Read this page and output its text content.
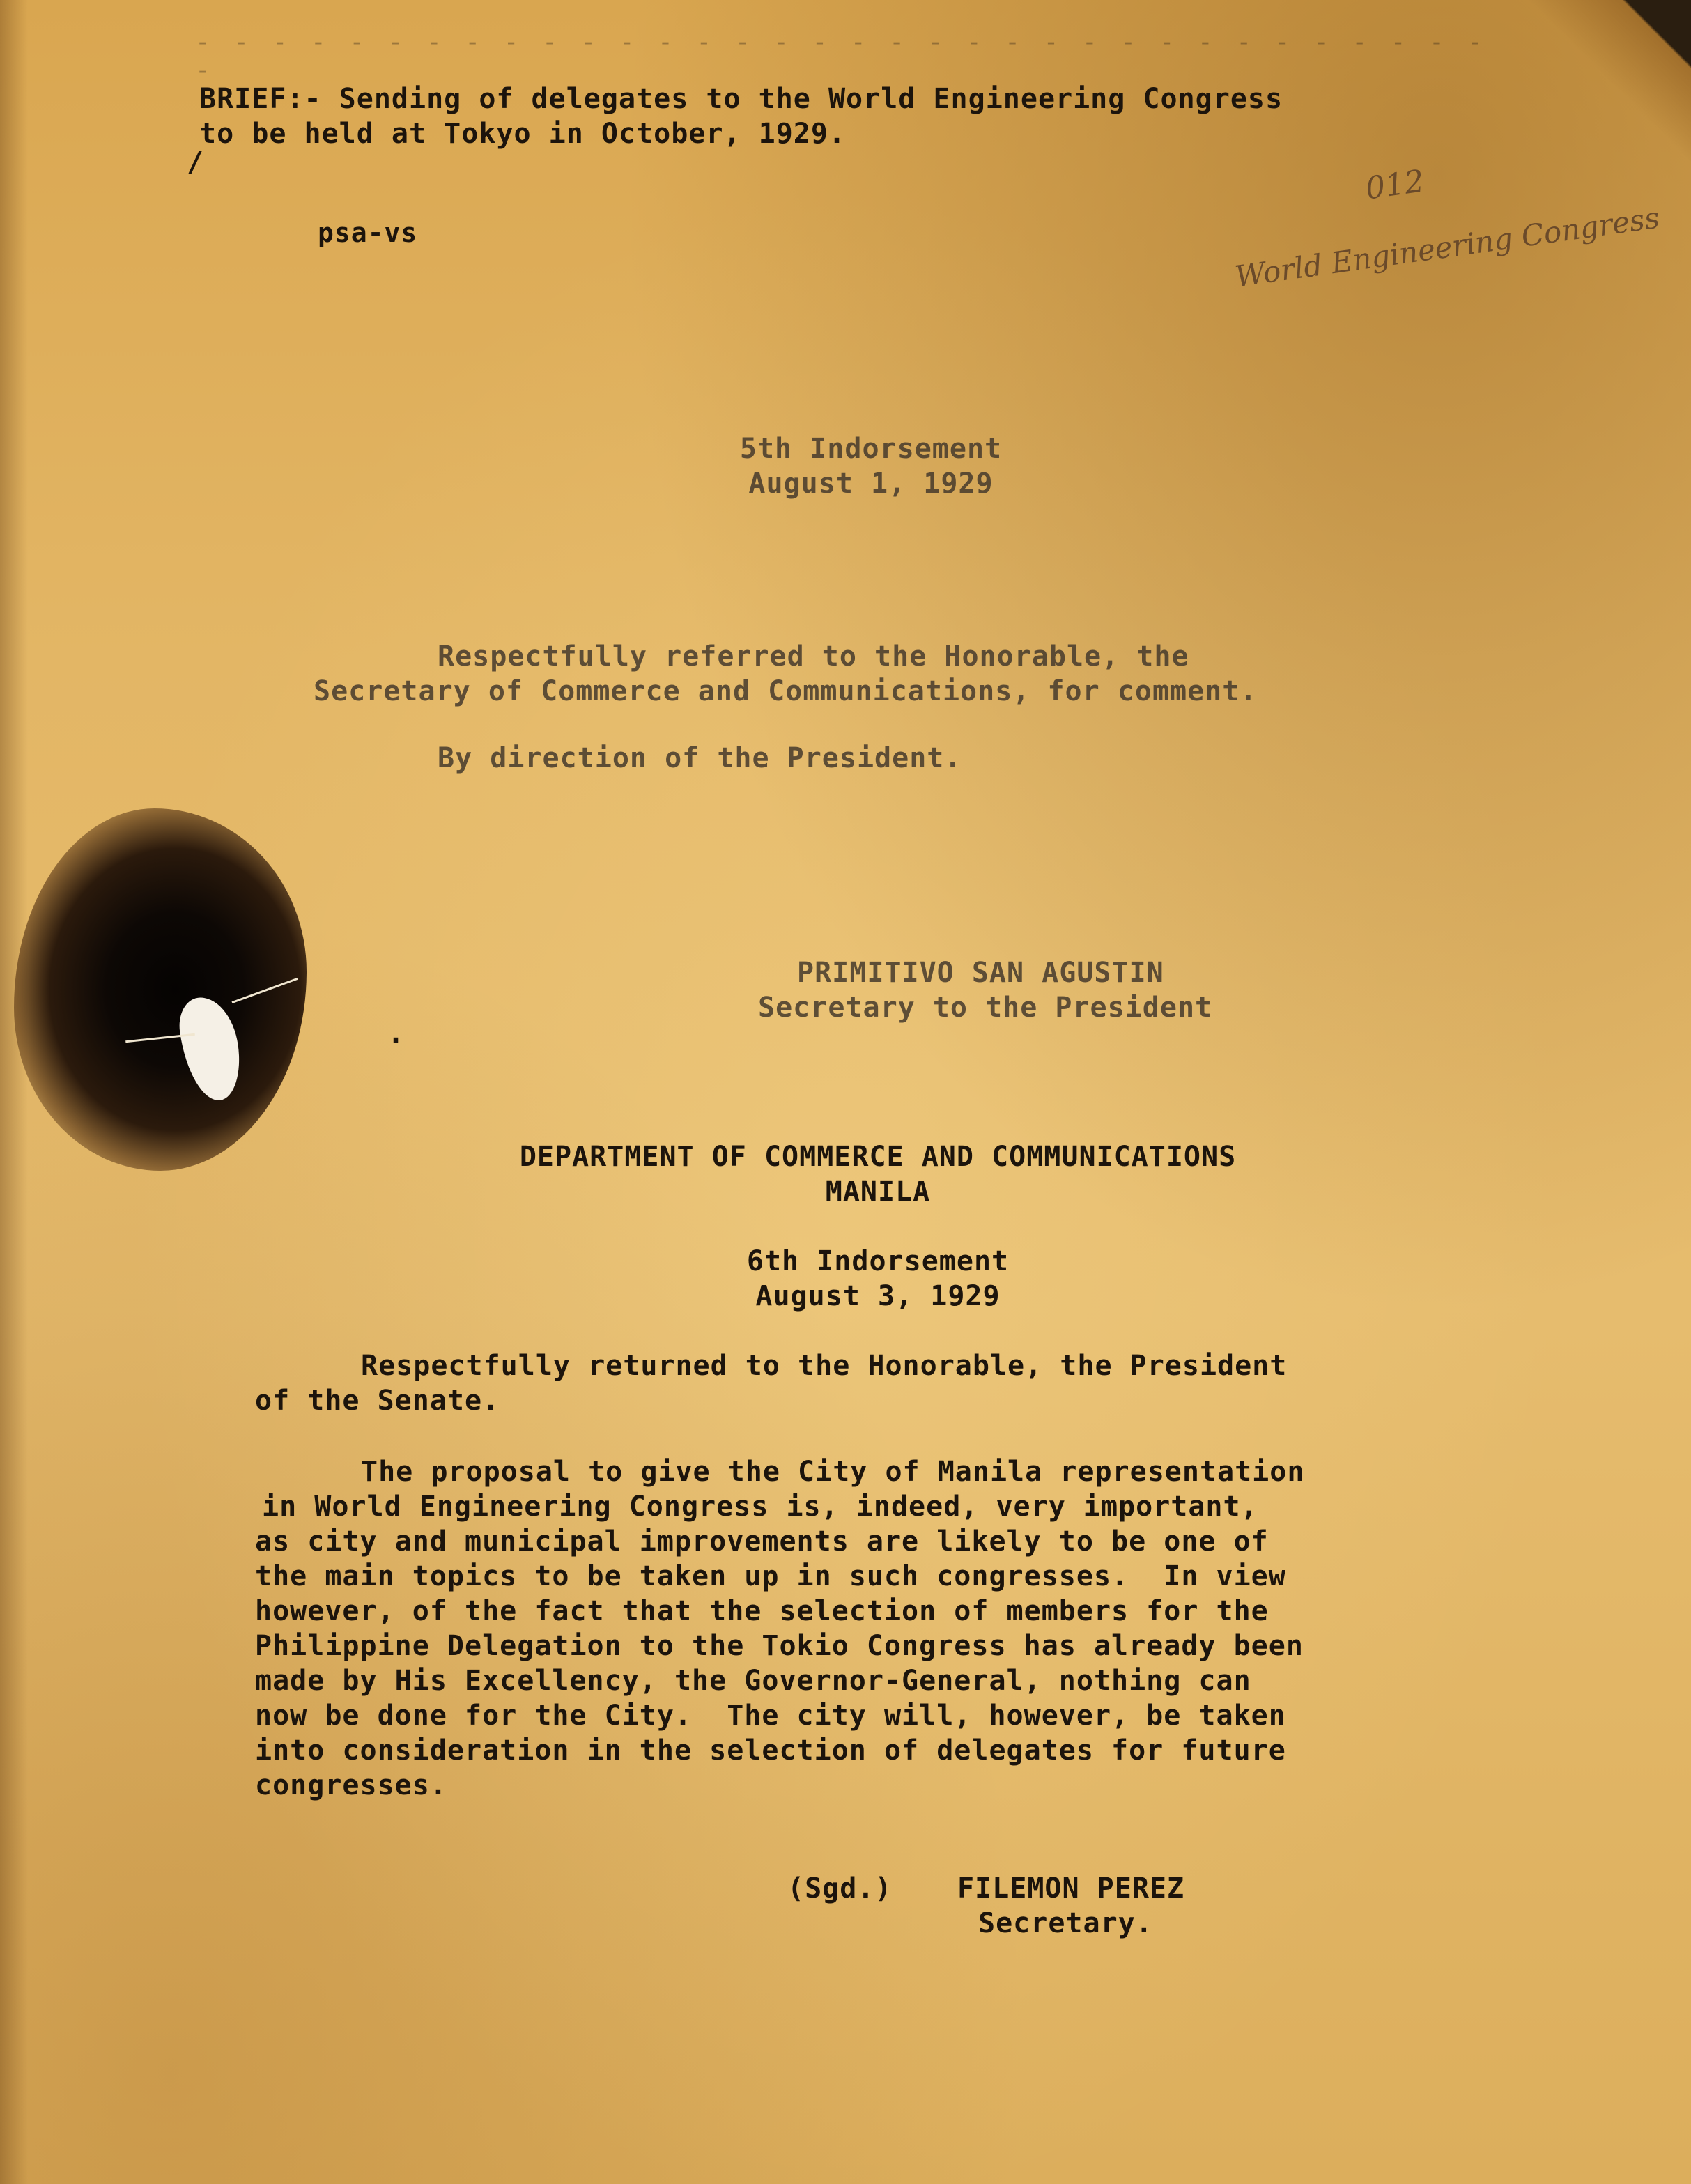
- - - - - - - - - - - - - - - - - - - - - - - - - - - - - - - - - - -
BRIEF:- Sending of delegates to the World Engineering Congress
to be held at Tokyo in October, 1929.
/
psa-vs
012
World Engineering Congress
5th Indorsement
August 1, 1929
Respectfully referred to the Honorable, the
Secretary of Commerce and Communications, for comment.
By direction of the President.
PRIMITIVO SAN AGUSTIN
Secretary to the President
.
DEPARTMENT OF COMMERCE AND COMMUNICATIONS
MANILA
6th Indorsement
August 3, 1929
Respectfully returned to the Honorable, the President
of the Senate.
The proposal to give the City of Manila representation
in World Engineering Congress is, indeed, very important,
as city and municipal improvements are likely to be one of
the main topics to be taken up in such congresses.  In view
however, of the fact that the selection of members for the
Philippine Delegation to the Tokio Congress has already been
made by His Excellency, the Governor-General, nothing can
now be done for the City.  The city will, however, be taken
into consideration in the selection of delegates for future
congresses.
(Sgd.) FILEMON PEREZ
Secretary.
